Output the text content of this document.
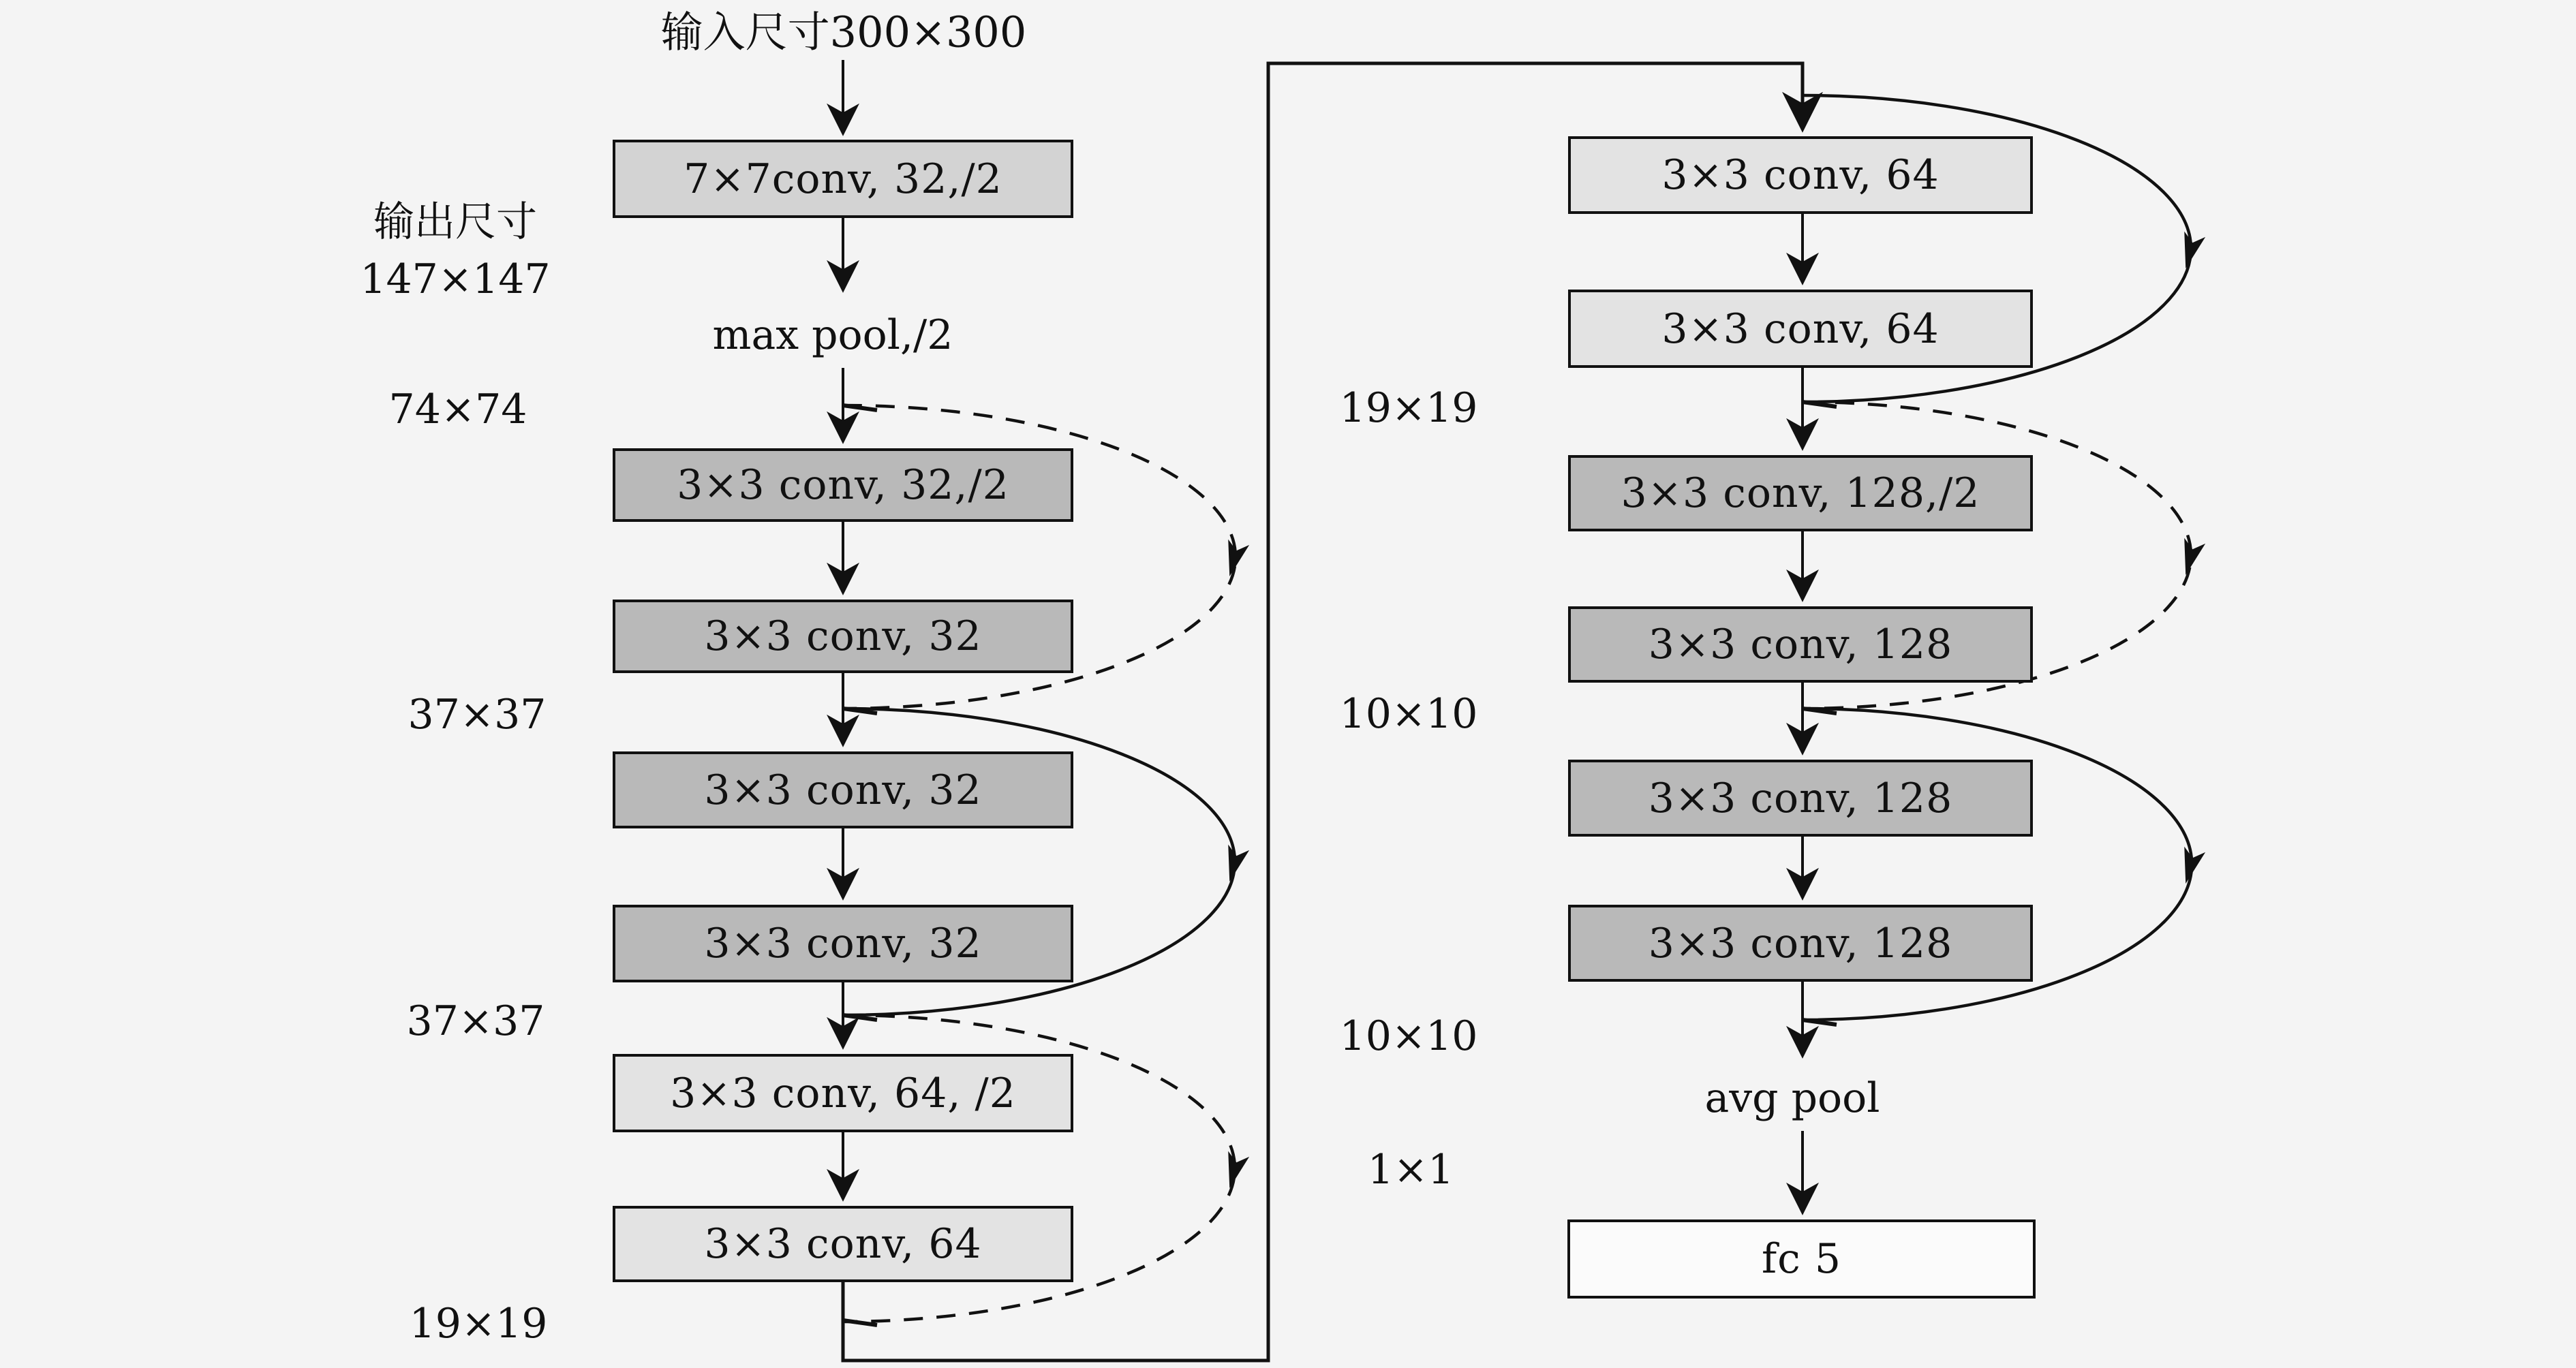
输入尺寸300×300
输出尺寸
147×147
74×74
37×37
37×37
19×19
19×19
10×10
10×10
1×1
max pool,/2
avg pool
7×7conv, 32,/2
3×3 conv, 32,/2
3×3 conv, 32
3×3 conv, 32
3×3 conv, 32
3×3 conv, 64, /2
3×3 conv, 64
3×3 conv, 64
3×3 conv, 64
3×3 conv, 128,/2
3×3 conv, 128
3×3 conv, 128
3×3 conv, 128
fc 5
